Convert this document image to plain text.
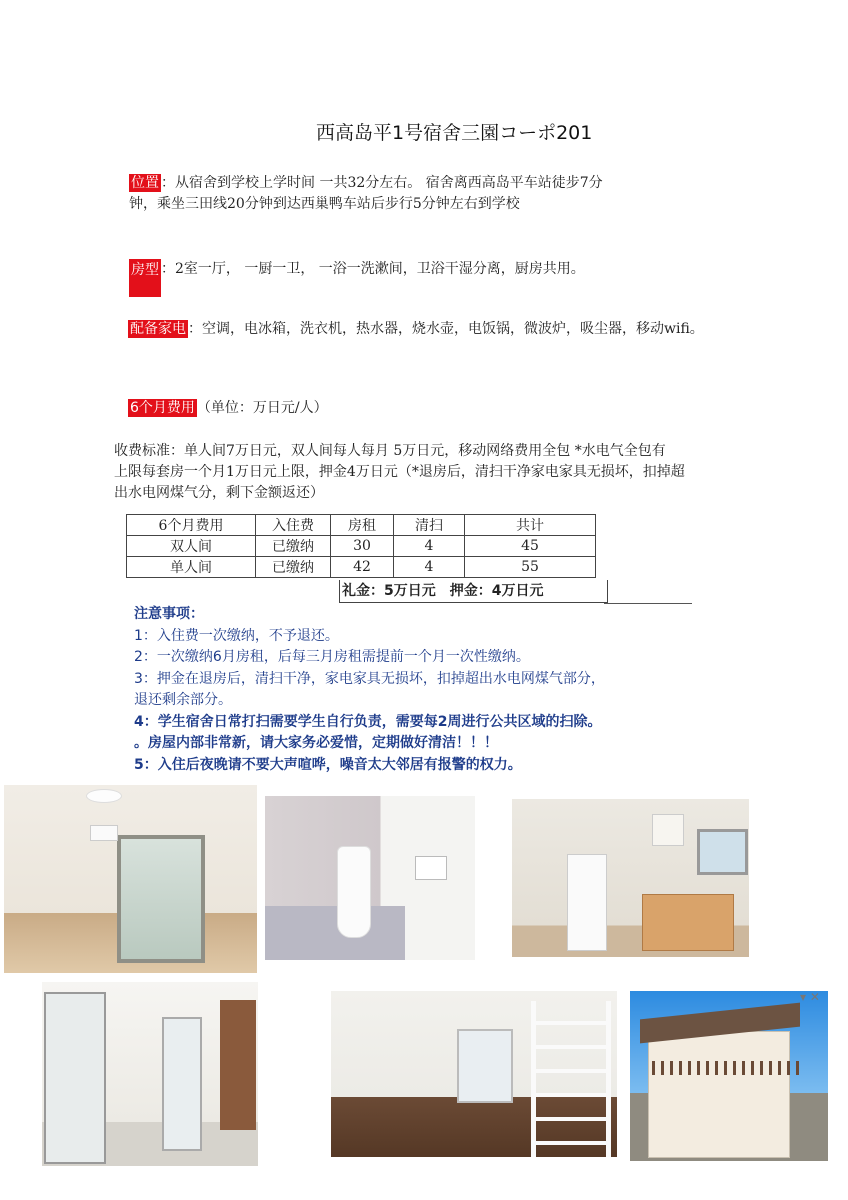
西高岛平1号宿舍三園コーポ201
位置 ：从宿舍到学校上学时间 一共32分左右。 宿舍离西高岛平车站徒步7分
钟，乘坐三田线20分钟到达西巢鸭车站后步行5分钟左右到学校
房型 ：2室一厅， 一厨一卫， 一浴一洗漱间，卫浴干湿分离，厨房共用。
配备家电 ：空调，电冰箱，洗衣机，热水器，烧水壶，电饭锅，微波炉，吸尘器，移动wifi。
6个月费用 （单位：万日元/人）
收费标准：单人间7万日元，双人间每人每月 5万日元，移动网络费用全包 *水电气全包有
上限每套房一个月1万日元上限，押金4万日元（*退房后，清扫干净家电家具无损坏，扣掉超
出水电网煤气分，剩下金额返还）
6个月费用	入住费	房租	清扫	共计
双人间	已缴纳	30	4	45
单人间	已缴纳	42	4	55
礼金：5万日元　押金：4万日元
注意事项：
1：入住费一次缴纳，不予退还。
2：一次缴纳6月房租，后每三月房租需提前一个月一次性缴纳。
3：押金在退房后，清扫干净，家电家具无损坏，扣掉超出水电网煤气部分，
退还剩余部分。
4：学生宿舍日常打扫需要学生自行负责，需要每2周进行公共区域的扫除。
。房屋内部非常新，请大家务必爱惜，定期做好清洁！！！
5：入住后夜晚请不要大声喧哗，噪音太大邻居有报警的权力。
▾ ✕
